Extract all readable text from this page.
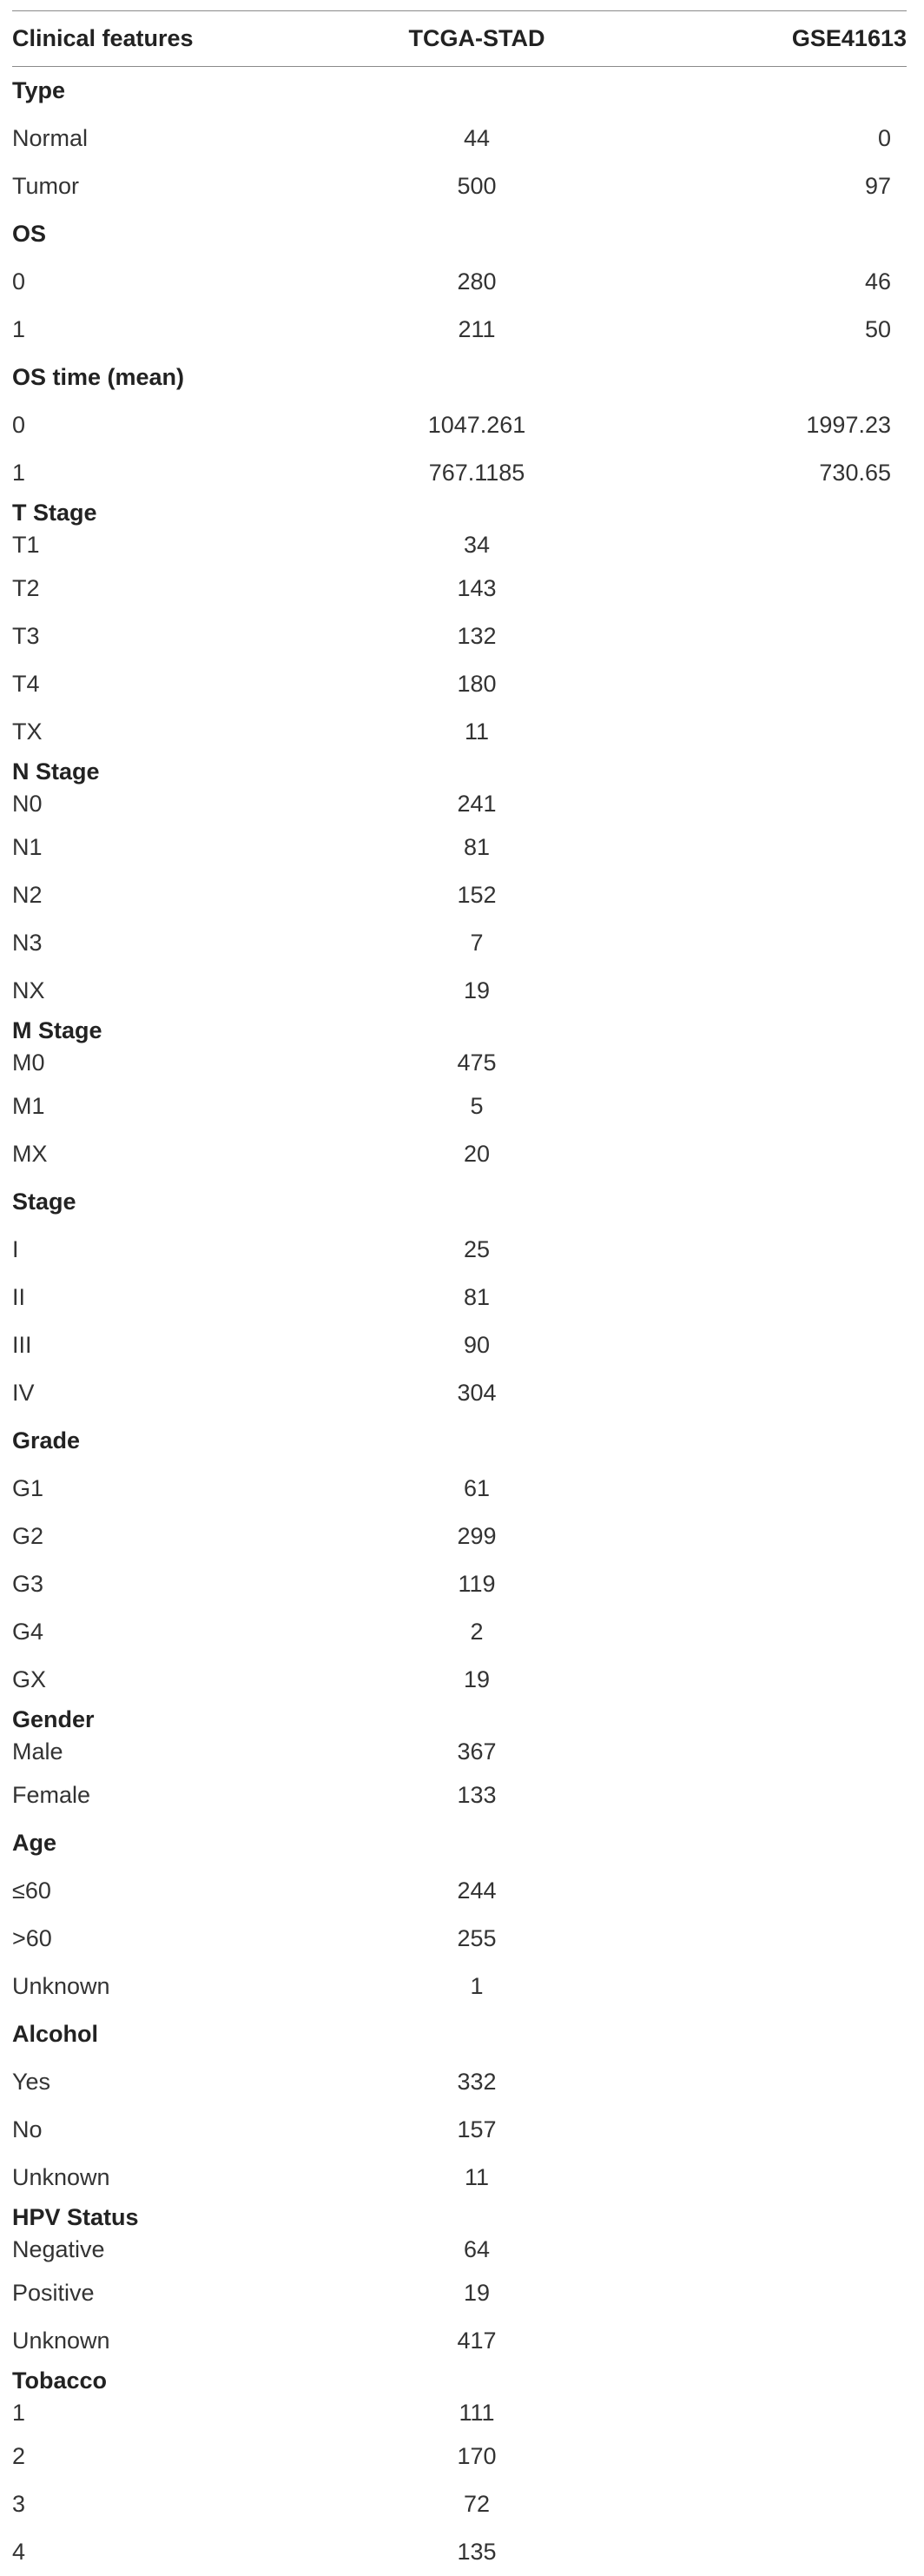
Clinical features	TCGA-STAD	GSE41613
Type		
Normal	44	0
Tumor	500	97
OS		
0	280	46
1	211	50
OS time (mean)		
0	1047.261	1997.23
1	767.1185	730.65
T Stage		
T1	34	
T2	143	
T3	132	
T4	180	
TX	11	
N Stage		
N0	241	
N1	81	
N2	152	
N3	7	
NX	19	
M Stage		
M0	475	
M1	5	
MX	20	
Stage		
I	25	
II	81	
III	90	
IV	304	
Grade		
G1	61	
G2	299	
G3	119	
G4	2	
GX	19	
Gender		
Male	367	
Female	133	
Age		
≤60	244	
>60	255	
Unknown	1	
Alcohol		
Yes	332	
No	157	
Unknown	11	
HPV Status		
Negative	64	
Positive	19	
Unknown	417	
Tobacco		
1	111	
2	170	
3	72	
4	135	
